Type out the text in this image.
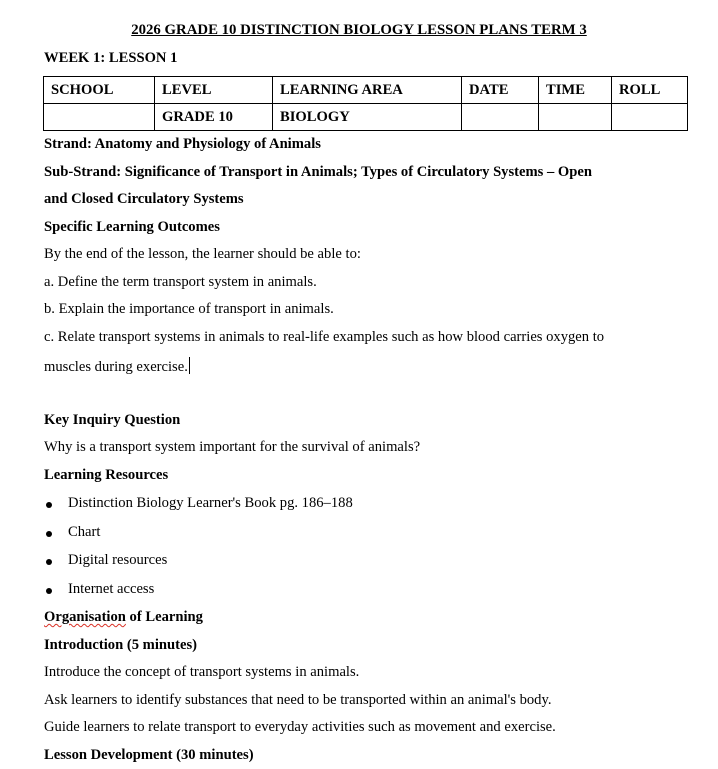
2026 GRADE 10 DISTINCTION BIOLOGY LESSON PLANS TERM 3
WEEK 1: LESSON 1
SCHOOL	LEVEL	LEARNING AREA	DATE	TIME	ROLL
	GRADE 10	BIOLOGY			
Strand: Anatomy and Physiology of Animals
Sub-Strand: Significance of Transport in Animals; Types of Circulatory Systems – Open
and Closed Circulatory Systems
Specific Learning Outcomes
By the end of the lesson, the learner should be able to:
a. Define the term transport system in animals.
b. Explain the importance of transport in animals.
c. Relate transport systems in animals to real-life examples such as how blood carries oxygen to
muscles during exercise.
Key Inquiry Question
Why is a transport system important for the survival of animals?
Learning Resources
Distinction Biology Learner's Book pg. 186–188
Chart
Digital resources
Internet access
Organisation of Learning
Introduction (5 minutes)
Introduce the concept of transport systems in animals.
Ask learners to identify substances that need to be transported within an animal's body.
Guide learners to relate transport to everyday activities such as movement and exercise.
Lesson Development (30 minutes)
